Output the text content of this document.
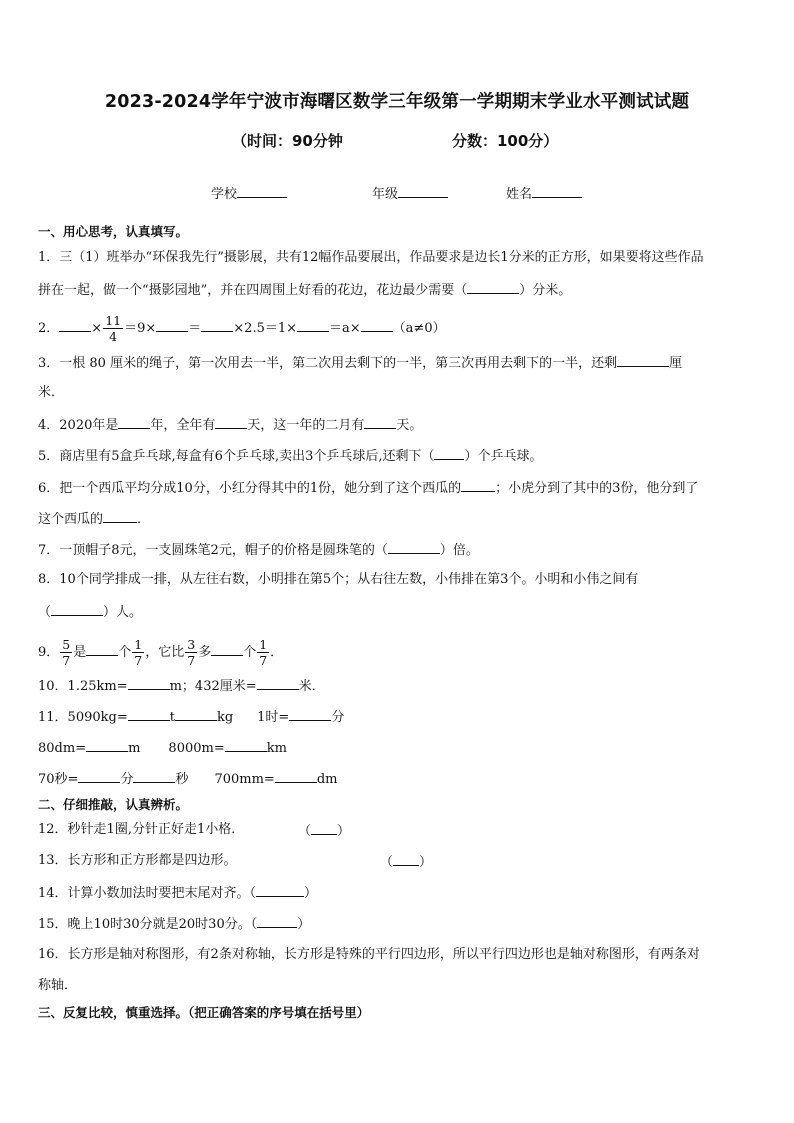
2023-2024学年宁波市海曙区数学三年级第一学期期末学业水平测试试题
（时间：90分钟	分数：100分）
学校	年级	姓名
一、用心思考，认真填写。
1．三（1）班举办“环保我先行”摄影展，共有12幅作品要展出，作品要求是边长1分米的正方形，如果要将这些作品
拼在一起，做一个“摄影园地”，并在四周围上好看的花边，花边最少需要（	）分米。
2． × $\frac{11}{4} =9\times = \times 2.5=1\times =a\times (a\ne 0)$
3．一根 80 厘米的绳子，第一次用去一半，第二次用去剩下的一半，第三次再用去剩下的一半，还剩	厘
米．
4．2020年是 年，全年有 天，这一年的二月有 天。
5．商店里有5盒乒乓球,每盒有6个乒乓球,卖出3个乒乓球后,还剩下（ ）个乒乓球。
6．把一个西瓜平均分成10分，小红分得其中的1份，她分到了这个西瓜的	；小虎分到了其中的3份，他分到了
这个西瓜的	．
7．一顶帽子8元，一支圆珠笔2元，帽子的价格是圆珠笔的（	）倍。
8．10个同学排成一排，从左往右数，小明排在第5个；从右往左数，小伟排在第3个。小明和小伟之间有
（	）人。
9． $\frac{5}{7}$ 是 个 $\frac{1}{7}$ ，它比 $\frac{3}{7}$ 多 个 $\frac{1}{7}$ ．
10．1.25km=	m；432厘米=	米．
11．5090kg=	t	kg 1时=	分
80dm=	m 8000m=	km
70秒=	分	秒 700mm=	dm
二、仔细推敲，认真辨析。
12．秒针走1圈,分针正好走1小格．	（ ）
13．长方形和正方形都是四边形。	（ ）
14．计算小数加法时要把末尾对齐。（	）
15．晚上10时30分就是20时30分。（	）
16．长方形是轴对称图形，有2条对称轴，长方形是特殊的平行四边形，所以平行四边形也是轴对称图形，有两条对
称轴．
三、反复比较，慎重选择。（把正确答案的序号填在括号里）
